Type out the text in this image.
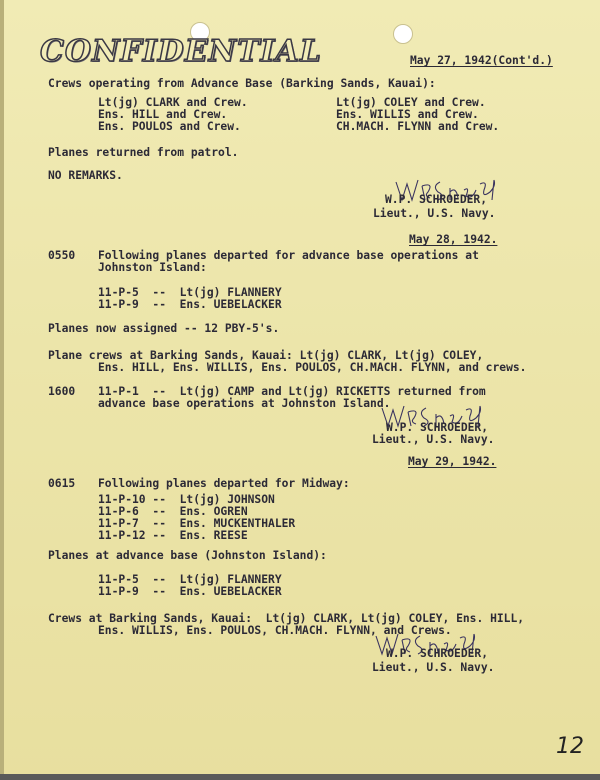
CONFIDENTIAL	May 27, 1942(Cont'd.)
Crews operating from Advance Base (Barking Sands, Kauai):
Lt(jg) CLARK and Crew.
Ens. HILL and Crew.
Ens. POULOS and Crew.
Lt(jg) COLEY and Crew.
Ens. WILLIS and Crew.
CH.MACH. FLYNN and Crew.
Planes returned from patrol.
NO REMARKS.
W.P. SCHROEDER,
Lieut., U.S. Navy.
May 28, 1942.
0550 Following planes departed for advance base operations at
Johnston Island:
11-P-5  --  Lt(jg) FLANNERY
11-P-9  --  Ens. UEBELACKER
Planes now assigned -- 12 PBY-5's.
Plane crews at Barking Sands, Kauai: Lt(jg) CLARK, Lt(jg) COLEY,
Ens. HILL, Ens. WILLIS, Ens. POULOS, CH.MACH. FLYNN, and crews.
1600 11-P-1  --  Lt(jg) CAMP and Lt(jg) RICKETTS returned from
advance base operations at Johnston Island.
W.P. SCHROEDER,
Lieut., U.S. Navy.
May 29, 1942.
0615 Following planes departed for Midway:
11-P-10 --  Lt(jg) JOHNSON
11-P-6  --  Ens. OGREN
11-P-7  --  Ens. MUCKENTHALER
11-P-12 --  Ens. REESE
Planes at advance base (Johnston Island):
11-P-5  --  Lt(jg) FLANNERY
11-P-9  --  Ens. UEBELACKER
Crews at Barking Sands, Kauai:  Lt(jg) CLARK, Lt(jg) COLEY, Ens. HILL,
Ens. WILLIS, Ens. POULOS, CH.MACH. FLYNN, and Crews.
W.P. SCHROEDER,
Lieut., U.S. Navy.
12
